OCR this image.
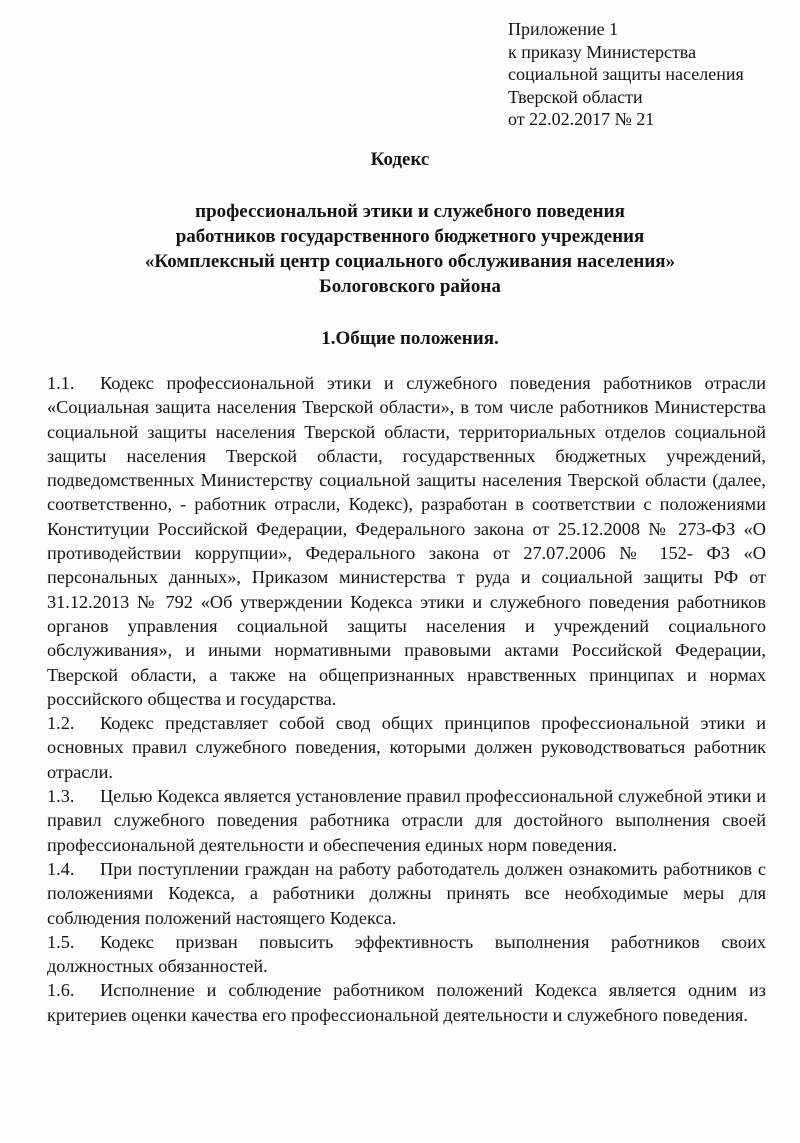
Приложение 1
к приказу Министерства
социальной защиты населения
Тверской области
от 22.02.2017 № 21
Кодекс
профессиональной этики и служебного поведения
работников государственного бюджетного учреждения
«Комплексный центр социального обслуживания населения»
Бологовского района
1.Общие положения.

1.1. Кодекс профессиональной этики и служебного поведения работников отрасли «Социальная защита населения Тверской области», в том числе работников Министерства социальной защиты населения Тверской области, территориальных отделов социальной защиты населения Тверской области, государственных бюджетных учреждений, подведомственных Министерству социальной защиты населения Тверской области (далее, соответственно, - работник отрасли, Кодекс), разработан в соответствии с положениями Конституции Российской Федерации, Федерального закона от 25.12.2008 № 273-ФЗ «О противодействии коррупции», Федерального закона от 27.07.2006 № 152- ФЗ «О персональных данных», Приказом министерства т руда и социальной защиты РФ от 31.12.2013 № 792 «Об утверждении Кодекса этики и служебного поведения работников органов управления социальной защиты населения и учреждений социального обслуживания», и иными нормативными правовыми актами Российской Федерации, Тверской области, а также на общепризнанных нравственных принципах и нормах российского общества и государства.

1.2. Кодекс представляет собой свод общих принципов профессиональной этики и основных правил служебного поведения, которыми должен руководствоваться работник отрасли.

1.3. Целью Кодекса является установление правил профессиональной служебной этики и правил служебного поведения работника отрасли для достойного выполнения своей профессиональной деятельности и обеспечения единых норм поведения.

1.4. При поступлении граждан на работу работодатель должен ознакомить работников с положениями Кодекса, а работники должны принять все необходимые меры для соблюдения положений настоящего Кодекса.

1.5. Кодекс призван повысить эффективность выполнения работников своих должностных обязанностей.

1.6. Исполнение и соблюдение работником положений Кодекса является одним из критериев оценки качества его профессиональной деятельности и служебного поведения.
